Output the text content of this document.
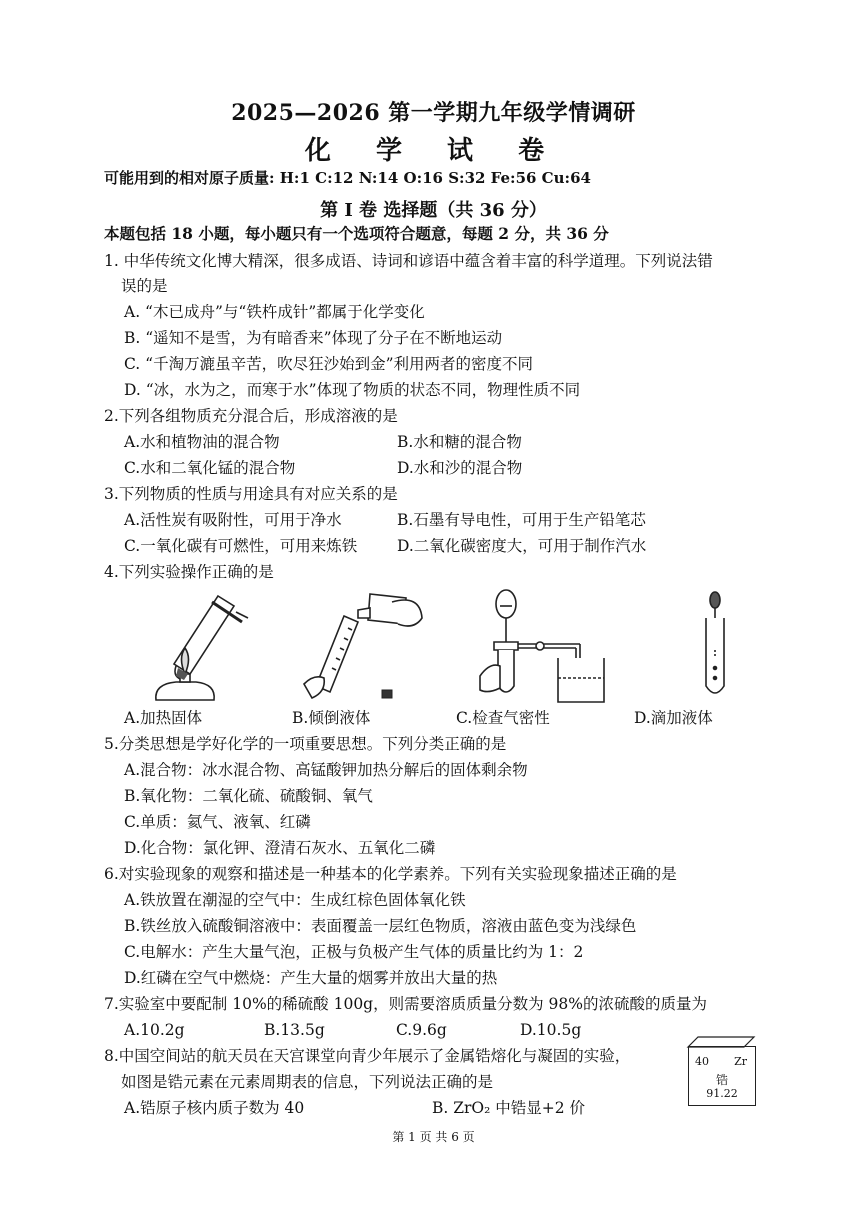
2025—2026 第一学期九年级学情调研
化 学 试 卷
可能用到的相对原子质量: H:1 C:12 N:14 O:16 S:32 Fe:56 Cu:64
第 I 卷 选择题（共 36 分）
本题包括 18 小题，每小题只有一个选项符合题意，每题 2 分，共 36 分
1. 中华传统文化博大精深，很多成语、诗词和谚语中蕴含着丰富的科学道理。下列说法错
误的是
A. “木已成舟”与“铁杵成针”都属于化学变化
B. “遥知不是雪，为有暗香来”体现了分子在不断地运动
C. “千淘万漉虽辛苦，吹尽狂沙始到金”利用两者的密度不同
D. “冰，水为之，而寒于水”体现了物质的状态不同，物理性质不同
2.下列各组物质充分混合后，形成溶液的是
A.水和植物油的混合物	B.水和糖的混合物
C.水和二氧化锰的混合物	D.水和沙的混合物
3.下列物质的性质与用途具有对应关系的是
A.活性炭有吸附性，可用于净水	B.石墨有导电性，可用于生产铅笔芯
C.一氧化碳有可燃性，可用来炼铁	D.二氧化碳密度大，可用于制作汽水
4.下列实验操作正确的是
A.加热固体	B.倾倒液体	C.检查气密性	D.滴加液体
5.分类思想是学好化学的一项重要思想。下列分类正确的是
A.混合物：冰水混合物、高锰酸钾加热分解后的固体剩余物
B.氧化物：二氧化硫、硫酸铜、氧气
C.单质：氦气、液氧、红磷
D.化合物：氯化钾、澄清石灰水、五氧化二磷
6.对实验现象的观察和描述是一种基本的化学素养。下列有关实验现象描述正确的是
A.铁放置在潮湿的空气中：生成红棕色固体氧化铁
B.铁丝放入硫酸铜溶液中：表面覆盖一层红色物质，溶液由蓝色变为浅绿色
C.电解水：产生大量气泡，正极与负极产生气体的质量比约为 1：2
D.红磷在空气中燃烧：产生大量的烟雾并放出大量的热
7.实验室中要配制 10%的稀硫酸 100g，则需要溶质质量分数为 98%的浓硫酸的质量为
A.10.2g	B.13.5g	C.9.6g	D.10.5g
8.中国空间站的航天员在天宫课堂向青少年展示了金属锆熔化与凝固的实验，
如图是锆元素在元素周期表的信息，下列说法正确的是
A.锆原子核内质子数为 40	B. ZrO₂ 中锆显+2 价
40 Zr
锆
91.22
第 1 页 共 6 页
